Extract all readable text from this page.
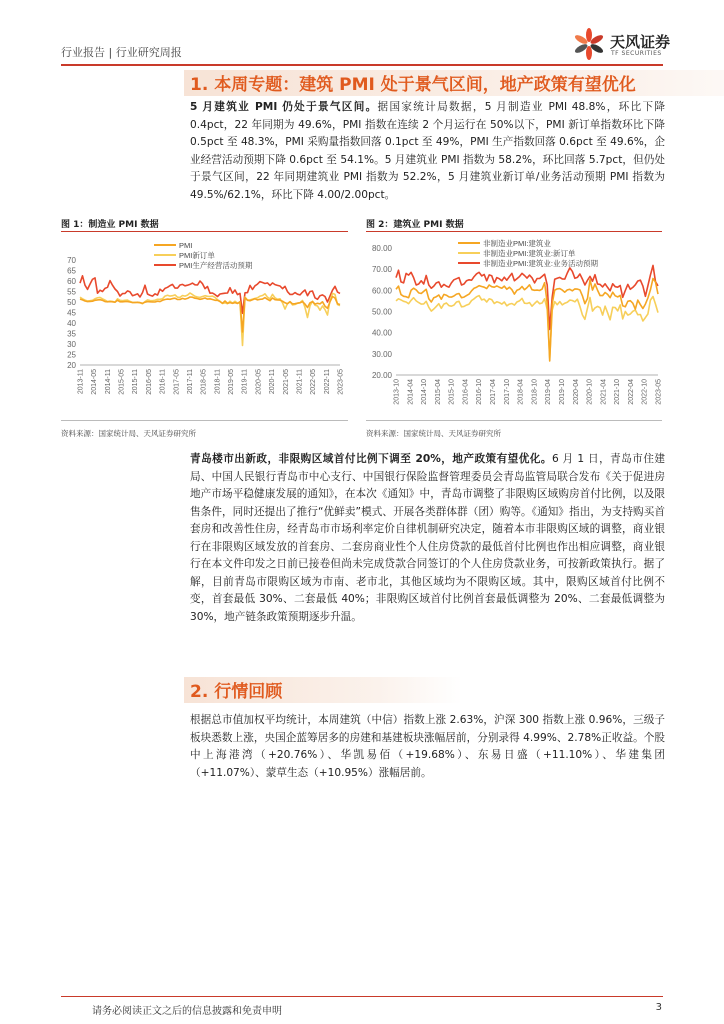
行业报告 | 行业研究周报
天风证券
TF SECURITIES
1. 本周专题：建筑 PMI 处于景气区间，地产政策有望优化
5 月建筑业 PMI 仍处于景气区间。据国家统计局数据，5 月制造业 PMI 48.8%，环比下降 0.4pct，22 年同期为 49.6%，PMI 指数在连续 2 个月运行在 50%以下，PMI 新订单指数环比下降 0.5pct 至 48.3%，PMI 采购量指数回落 0.1pct 至 49%，PMI 生产指数回落 0.6pct 至 49.6%，企业经营活动预期下降 0.6pct 至 54.1%。5 月建筑业 PMI 指数为 58.2%，环比回落 5.7pct，但仍处于景气区间，22 年同期建筑业 PMI 指数为 52.2%，5 月建筑业新订单/业务活动预期 PMI 指数为 49.5%/62.1%，环比下降 4.00/2.00pct。
图 1：制造业 PMI 数据
70
65
60
55
50
45
40
35
30
25
20
2013-11 2014-05 2014-11 2015-05 2015-11 2016-05 2016-11 2017-05 2017-11 2018-05 2018-11 2019-05 2019-11 2020-05 2020-11 2021-05 2021-11 2022-05 2022-11 2023-05
PMI
PMI新订单
PMI生产经营活动预期
资料来源：国家统计局、天风证券研究所
图 2：建筑业 PMI 数据
80.00
70.00
60.00
50.00
40.00
30.00
20.00
2013-10 2014-04 2014-10 2015-04 2015-10 2016-04 2016-10 2017-04 2017-10 2018-04 2018-10 2019-04 2019-10 2020-04 2020-10 2021-04 2021-10 2022-04 2022-10 2023-05
非制造业PMI:建筑业
非制造业PMI:建筑业:新订单
非制造业PMI:建筑业:业务活动预期
资料来源：国家统计局、天风证券研究所
青岛楼市出新政，非限购区域首付比例下调至 20%，地产政策有望优化。6 月 1 日，青岛市住建局、中国人民银行青岛市中心支行、中国银行保险监督管理委员会青岛监管局联合发布《关于促进房地产市场平稳健康发展的通知》，在本次《通知》中，青岛市调整了非限购区域购房首付比例，以及限售条件，同时还提出了推行“优鲜卖”模式、开展各类群体群（团）购等。《通知》指出，为支持购买首套房和改善性住房，经青岛市市场利率定价自律机制研究决定，随着本市非限购区域的调整，商业银行在非限购区域发放的首套房、二套房商业性个人住房贷款的最低首付比例也作出相应调整，商业银行在本文件印发之日前已接卷但尚未完成贷款合同签订的个人住房贷款业务，可按新政策执行。据了解，目前青岛市限购区域为市南、老市北，其他区域均为不限购区域。其中，限购区域首付比例不变，首套最低 30%、二套最低 40%；非限购区域首付比例首套最低调整为 20%、二套最低调整为 30%，地产链条政策预期逐步升温。
2. 行情回顾
根据总市值加权平均统计，本周建筑（中信）指数上涨 2.63%，沪深 300 指数上涨 0.96%，三级子板块悉数上涨，央国企蓝筹居多的房建和基建板块涨幅居前，分别录得 4.99%、2.78%正收益。个股中上海港湾（+20.76%）、华凯易佰（+19.68%）、东易日盛（+11.10%）、华建集团（+11.07%）、蒙草生态（+10.95%）涨幅居前。
请务必阅读正文之后的信息披露和免责申明	3
